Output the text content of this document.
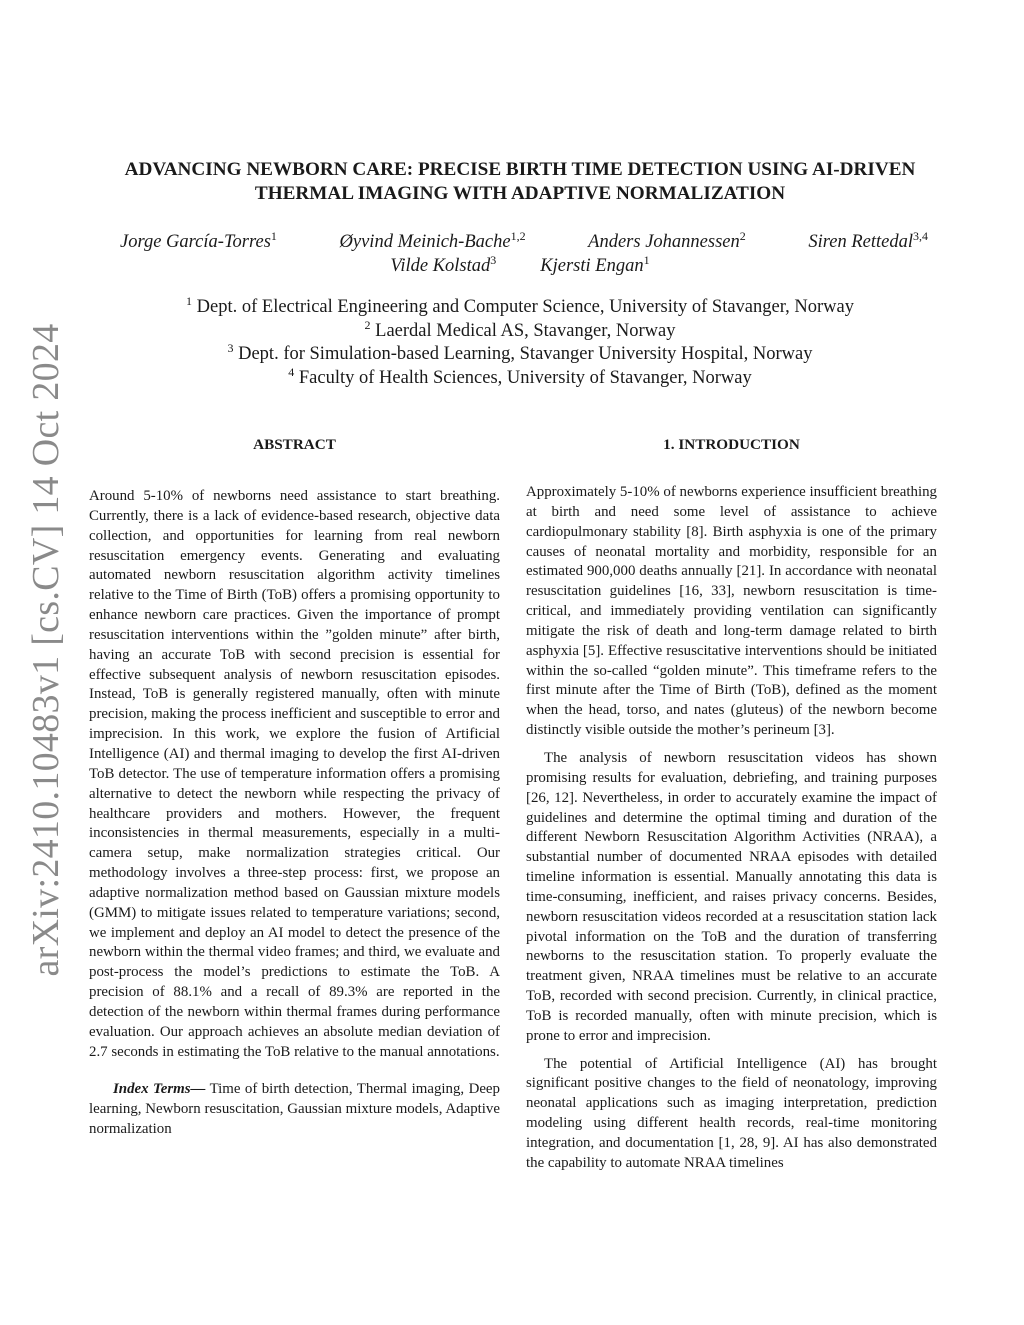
arXiv:2410.10483v1 [cs.CV] 14 Oct 2024
ADVANCING NEWBORN CARE: PRECISE BIRTH TIME DETECTION USING AI-DRIVEN
THERMAL IMAGING WITH ADAPTIVE NORMALIZATION
Jorge García-Torres$^1$	Øyvind Meinich-Bache$^{1,2}$	Anders Johannessen$^2$	Siren Rettedal$^{3,4}$
Vilde Kolstad$^3$ Kjersti Engan$^1$
$^1$ Dept. of Electrical Engineering and Computer Science, University of Stavanger, Norway
$^2$ Laerdal Medical AS, Stavanger, Norway
$^3$ Dept. for Simulation-based Learning, Stavanger University Hospital, Norway
$^4$ Faculty of Health Sciences, University of Stavanger, Norway
ABSTRACT

Around 5-10% of newborns need assistance to start breathing. Currently, there is a lack of evidence-based research, objective data collection, and opportunities for learning from real newborn resuscitation emergency events. Generating and evaluating automated newborn resuscitation algorithm activity timelines relative to the Time of Birth (ToB) offers a promising opportunity to enhance newborn care practices. Given the importance of prompt resuscitation interventions within the ”golden minute” after birth, having an accurate ToB with second precision is essential for effective subsequent analysis of newborn resuscitation episodes. Instead, ToB is generally registered manually, often with minute precision, making the process inefficient and susceptible to error and imprecision. In this work, we explore the fusion of Artificial Intelligence (AI) and thermal imaging to develop the first AI-driven ToB detector. The use of temperature information offers a promising alternative to detect the newborn while respecting the privacy of healthcare providers and mothers. However, the frequent inconsistencies in thermal measurements, especially in a multi-camera setup, make normalization strategies critical. Our methodology involves a three-step process: first, we propose an adaptive normalization method based on Gaussian mixture models (GMM) to mitigate issues related to temperature variations; second, we implement and deploy an AI model to detect the presence of the newborn within the thermal video frames; and third, we evaluate and post-process the model’s predictions to estimate the ToB. A precision of 88.1% and a recall of 89.3% are reported in the detection of the newborn within thermal frames during performance evaluation. Our approach achieves an absolute median deviation of 2.7 seconds in estimating the ToB relative to the manual annotations.

Index Terms— Time of birth detection, Thermal imaging, Deep learning, Newborn resuscitation, Gaussian mixture models, Adaptive normalization

1. INTRODUCTION

Approximately 5-10% of newborns experience insufficient breathing at birth and need some level of assistance to achieve cardiopulmonary stability [8]. Birth asphyxia is one of the primary causes of neonatal mortality and morbidity, responsible for an estimated 900,000 deaths annually [21]. In accordance with neonatal resuscitation guidelines [16, 33], newborn resuscitation is time-critical, and immediately providing ventilation can significantly mitigate the risk of death and long-term damage related to birth asphyxia [5]. Effective resuscitative interventions should be initiated within the so-called “golden minute”. This timeframe refers to the first minute after the Time of Birth (ToB), defined as the moment when the head, torso, and nates (gluteus) of the newborn become distinctly visible outside the mother’s perineum [3].

The analysis of newborn resuscitation videos has shown promising results for evaluation, debriefing, and training purposes [26, 12]. Nevertheless, in order to accurately examine the impact of guidelines and determine the optimal timing and duration of the different Newborn Resuscitation Algorithm Activities (NRAA), a substantial number of documented NRAA episodes with detailed timeline information is essential. Manually annotating this data is time-consuming, inefficient, and raises privacy concerns. Besides, newborn resuscitation videos recorded at a resuscitation station lack pivotal information on the ToB and the duration of transferring newborns to the resuscitation station. To properly evaluate the treatment given, NRAA timelines must be relative to an accurate ToB, recorded with second precision. Currently, in clinical practice, ToB is recorded manually, often with minute precision, which is prone to error and imprecision.

The potential of Artificial Intelligence (AI) has brought significant positive changes to the field of neonatology, improving neonatal applications such as imaging interpretation, prediction modeling using different health records, real-time monitoring integration, and documentation [1, 28, 9]. AI has also demonstrated the capability to automate NRAA timelines
